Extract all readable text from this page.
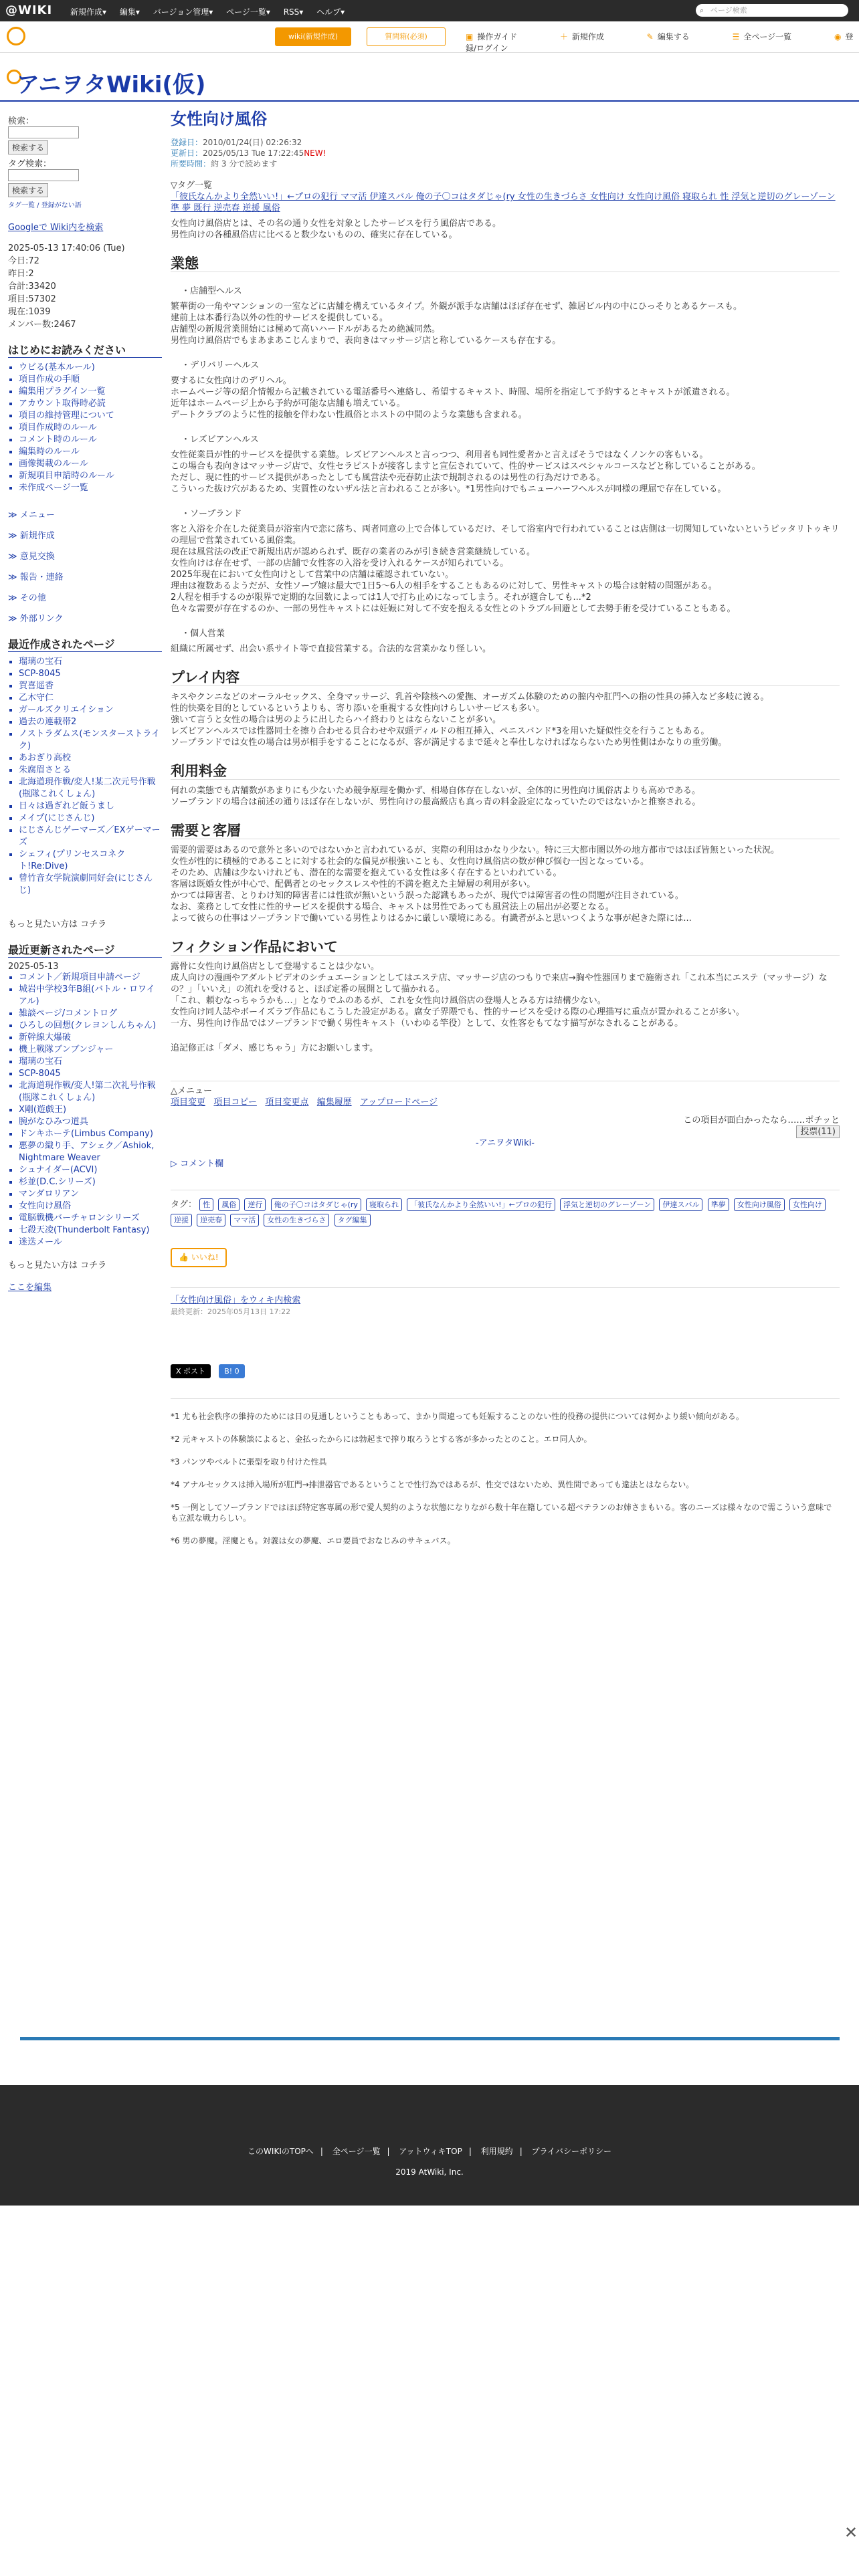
@WIKI 新規作成▾ 編集▾ バージョン管理▾ ページ一覧▾ RSS▾ ヘルプ▾	⌕ ページ検索
wiki(新規作成)	質問箱(必須)	▣ 操作ガイド	＋ 新規作成	✎ 編集する	☰ 全ページ一覧	◉ 登録/ログイン
アニヲタWiki(仮)
検索：

検索する
タグ検索：

検索する
タグ一覧 / 登録がない語
Googleで Wiki内を検索
2025-05-13 17:40:06 (Tue)
今日:72
昨日:2
合計:33420
項目:57302
現在:1039
メンバー数:2467
はじめにお読みください
▪ ウビる(基本ルール)
▪ 項目作成の手順
▪ 編集用プラグイン一覧
▪ アカウント取得時必読
▪ 項目の維持管理について
▪ 項目作成時のルール
▪ コメント時のルール
▪ 編集時のルール
▪ 画像掲載のルール
▪ 新規項目申請時のルール
▪ 未作成ページ一覧
≫ メニュー
≫ 新規作成
≫ 意見交換
≫ 報告・連絡
≫ その他
≫ 外部リンク
最近作成されたページ
▪ 瑠璃の宝石
▪ SCP-8045
▪ 賀喜遥香
▪ 乙木守仁
▪ ガールズクリエイション
▪ 過去の連載帯2
▪ ノストラダムス(モンスターストライク)
▪ あおぎり高校
▪ 朱腐眉さとる
▪ 北海道現作戦/変人!某二次元号作戦(瓶隊これくしょん)
▪ 日々は過ぎれど飯うまし
▪ メイプ(にじさんじ)
▪ にじさんじゲーマーズ／EXゲーマーズ
▪ シェフィ(プリンセスコネクト!Re:Dive)
▪ 曾竹音女学院演劇同好会(にじさんじ)
もっと見たい方は コチラ
最近更新されたページ
2025-05-13
▪ コメント／新規項目申請ページ
▪ 城岩中学校3年B組(バトル・ロワイアル)
▪ 雑談ページ/コメントログ
▪ ひろしの回想(クレヨンしんちゃん)
▪ 新幹線大爆破
▪ 機上戦隊ブンブンジャー
▪ 瑠璃の宝石
▪ SCP-8045
▪ 北海道現作戦/変人!第二次礼号作戦(瓶隊これくしょん)
▪ X剛(遊戯王)
▪ 腕がなひみつ道具
▪ ドンキホーテ(Limbus Company)
▪ 悪夢の織り手、アシェク／Ashiok, Nightmare Weaver
▪ シュナイダー(ACVI)
▪ 杉並(D.C.シリーズ)
▪ マンダロリアン
▪ 女性向け風俗
▪ 電脳戦機バーチャロンシリーズ
▪ 七殺天凌(Thunderbolt Fantasy)
▪ 迷迭メール
もっと見たい方は コチラ
ここを編集
女性向け風俗
登録日：2010/01/24(日) 02:26:32
更新日：2025/05/13 Tue 17:22:45NEW!
所要時間：約 3 分で読めます
▽タグ一覧
「彼氏なんかより全然いい!」←プロの犯行 ママ活 伊達スバル 俺の子〇コはタダじゃ(ry 女性の生きづらさ 女性向け 女性向け風俗 寝取られ 性 浮気と逆切のグレーゾーン 準 夢 既行 逆売春 逆援 風俗

女性向け風俗店とは、その名の通り女性を対象としたサービスを行う風俗店である。
男性向けの各種風俗店に比べると数少ないものの、確実に存在している。

業態
・店舗型ヘルス

繁華街の一角やマンションの一室などに店舗を構えているタイプ。外観が派手な店舗はほぼ存在せず、雑居ビル内の中にひっそりとあるケースも。
建前上は本番行為以外の性的サービスを提供している。
店舗型の新規営業開始には極めて高いハードルがあるため絶滅同然。
男性向け風俗店でもまあまあこじんまりで、表向きはマッサージ店と称しているケースも存在する。

・デリバリーヘルス

要するに女性向けのデリヘル。
ホームページ等の紹介情報から記載されている電話番号へ連絡し、希望するキャスト、時間、場所を指定して予約するとキャストが派遣される。
近年はホームページ上から予約が可能な店舗も増えている。
デートクラブのように性的接触を伴わない性風俗とホストの中間のような業態も含まれる。

・レズビアンヘルス

女性従業員が性的サービスを提供する業態。レズビアンヘルスと言っつつ、利用者も同性愛者かと言えばそうではなくノンケの客もいる。
この場合も表向きはマッサージ店で、女性セラピストが接客しますと宣伝されていて、性的サービスはスペシャルコースなどと称していることがある。
ただし、現に性的サービス提供があったとしても風営法や売春防止法で規制されるのは男性の行為だけである。
こういった抜け穴があるため、実質性のないザル法と言われることが多い。*1男性向けでもニューハーフヘルスが同様の理屈で存在している。

・ソープランド

客と入浴を介在した従業員が浴室内で恋に落ち、両者同意の上で合体しているだけ、そして浴室内で行われていることは店側は一切関知していないというピッタリトゥキリの理屈で営業されている風俗業。
現在は風営法の改正で新規出店が認められず、既存の業者のみが引き続き営業継続している。
女性向けは存在せず、一部の店舗で女性客の入浴を受け入れるケースが知られている。
2025年現在において女性向けとして営業中の店舗は確認されていない。
理由は複数あるようだが、女性ソープ嬢は最大で1日5〜6人の相手をすることもあるのに対して、男性キャストの場合は射精の問題がある。
2人程を相手するのが限界で定期的な回数によっては1人で打ち止めになってしまう。それが適合しても...*2
色々な需要が存在するのか、一部の男性キャストには妊娠に対して不安を抱える女性とのトラブル回避として去勢手術を受けていることもある。

・個人営業

組織に所属せず、出会い系サイト等で直接営業する。合法的な営業かなり怪しい。

プレイ内容

キスやクンニなどのオーラルセックス、全身マッサージ、乳首や陰核への愛撫、オーガズム体験のための膣内や肛門への指の性具の挿入など多岐に渡る。
性的快楽を目的としているというよりも、寄り添いを重視する女性向けらしいサービスも多い。
強いて言うと女性の場合は男のように出したらハイ終わりとはならないことが多い。
レズビアンヘルスでは性器同士を擦り合わせる貝合わせや双頭ディルドの相互挿入、ペニスバンド*3を用いた疑似性交を行うこともある。
ソープランドでは女性の場合は男が相手をすることになるが、客が満足するまで延々と奉仕しなければならないため男性側はかなりの重労働。

利用料金

何れの業態でも店舗数があまりにも少ないため競争原理を働かず、相場自体存在しないが、全体的に男性向け風俗店よりも高めである。
ソープランドの場合は前述の通りほぼ存在しないが、男性向けの最高級店も真っ青の料金設定になっていたのではないかと推察される。

需要と客層

需要的需要はあるので意外と多いのではないかと言われているが、実際の利用はかなり少ない。特に三大都市圏以外の地方都市ではほぼ皆無といった状況。
女性が性的に積極的であることに対する社会的な偏見が根強いことも、女性向け風俗店の数が伸び悩む一因となっている。
そのため、店舗は少ないけれども、潜在的な需要を抱えている女性は多く存在するといわれている。
客層は既婚女性が中心で、配偶者とのセックスレスや性的不満を抱えた主婦層の利用が多い。
かつては障害者、とりわけ知的障害者には性欲が無いという誤った認識もあったが、現代では障害者の性の問題が注目されている。
なお、業務として女性に性的サービスを提供する場合、キャストは男性であっても風営法上の届出が必要となる。
よって彼らの仕事はソープランドで働いている男性よりはるかに厳しい環境にある。有識者がふと思いつくような事が起きた際には...

フィクション作品において

露骨に女性向け風俗店として登場することは少ない。
成人向けの漫画やアダルトビデオのシチュエーションとしてはエステ店、マッサージ店のつもりで来店→胸や性器回りまで施術され「これ本当にエステ（マッサージ）なの？」「いいえ」の流れを受けると、ほぼ定番の展開として描かれる。
「これ、頼むなっちゃうかも…」となりでふのあるが、これを女性向け風俗店の登場人とみる方は結構少ない。
女性向け同人誌やボーイズラブ作品にもこうした設定がある。腐女子界隈でも、性的サービスを受ける際の心理描写に重点が置かれることが多い。
一方、男性向け作品ではソープランドで働く男性キャスト（いわゆる竿役）として、女性客をもてなす描写がなされることがある。

追記修正は「ダメ、感じちゃう」方にお願いします。

△メニュー
項目変更 項目コピー 項目変更点 編集履歴 アップロードページ
この項目が面白かったなら……ポチッと
投票(11)
-アニヲタWiki-
▷ コメント欄
タグ： 性 風俗 逆行 俺の子〇コはタダじゃ(ry 寝取られ 「彼氏なんかより全然いい!」←プロの犯行 浮気と逆切のグレーゾーン 伊達スバル 準夢 女性向け風俗 女性向け 逆援 逆売春 ママ活 女性の生きづらさ タグ編集
👍 いいね!
「女性向け風俗」をウィキ内検索
最終更新：2025年05月13日 17:22
X ポスト	B! 0
*1 尤も社会秩序の維持のためには日の見通しということもあって、まかり間違っても妊娠することのない性的役務の提供については何かより緩い傾向がある。
*2 元キャストの体験談によると、金払ったからには勃起まで搾り取ろうとする客が多かったとのこと。エロ同人か。
*3 パンツやベルトに張型を取り付けた性具
*4 アナルセックスは挿入場所が肛門→排泄器官であるということで性行為ではあるが、性交ではないため、異性間であっても違法とはならない。
*5 一例としてソープランドではほぼ特定客専属の形で愛人契約のような状態になりながら数十年在籍している超ベテランのお姉さまもいる。客のニーズは様々なので需こういう意味でも立派な戦力らしい。
*6 男の夢魔。淫魔とも。対義は女の夢魔、エロ要員でおなじみのサキュバス。
このWIKIのTOPへ | 全ページ一覧 | アットウィキTOP | 利用規約 | プライバシーポリシー
2019 AtWiki, Inc.
✕
